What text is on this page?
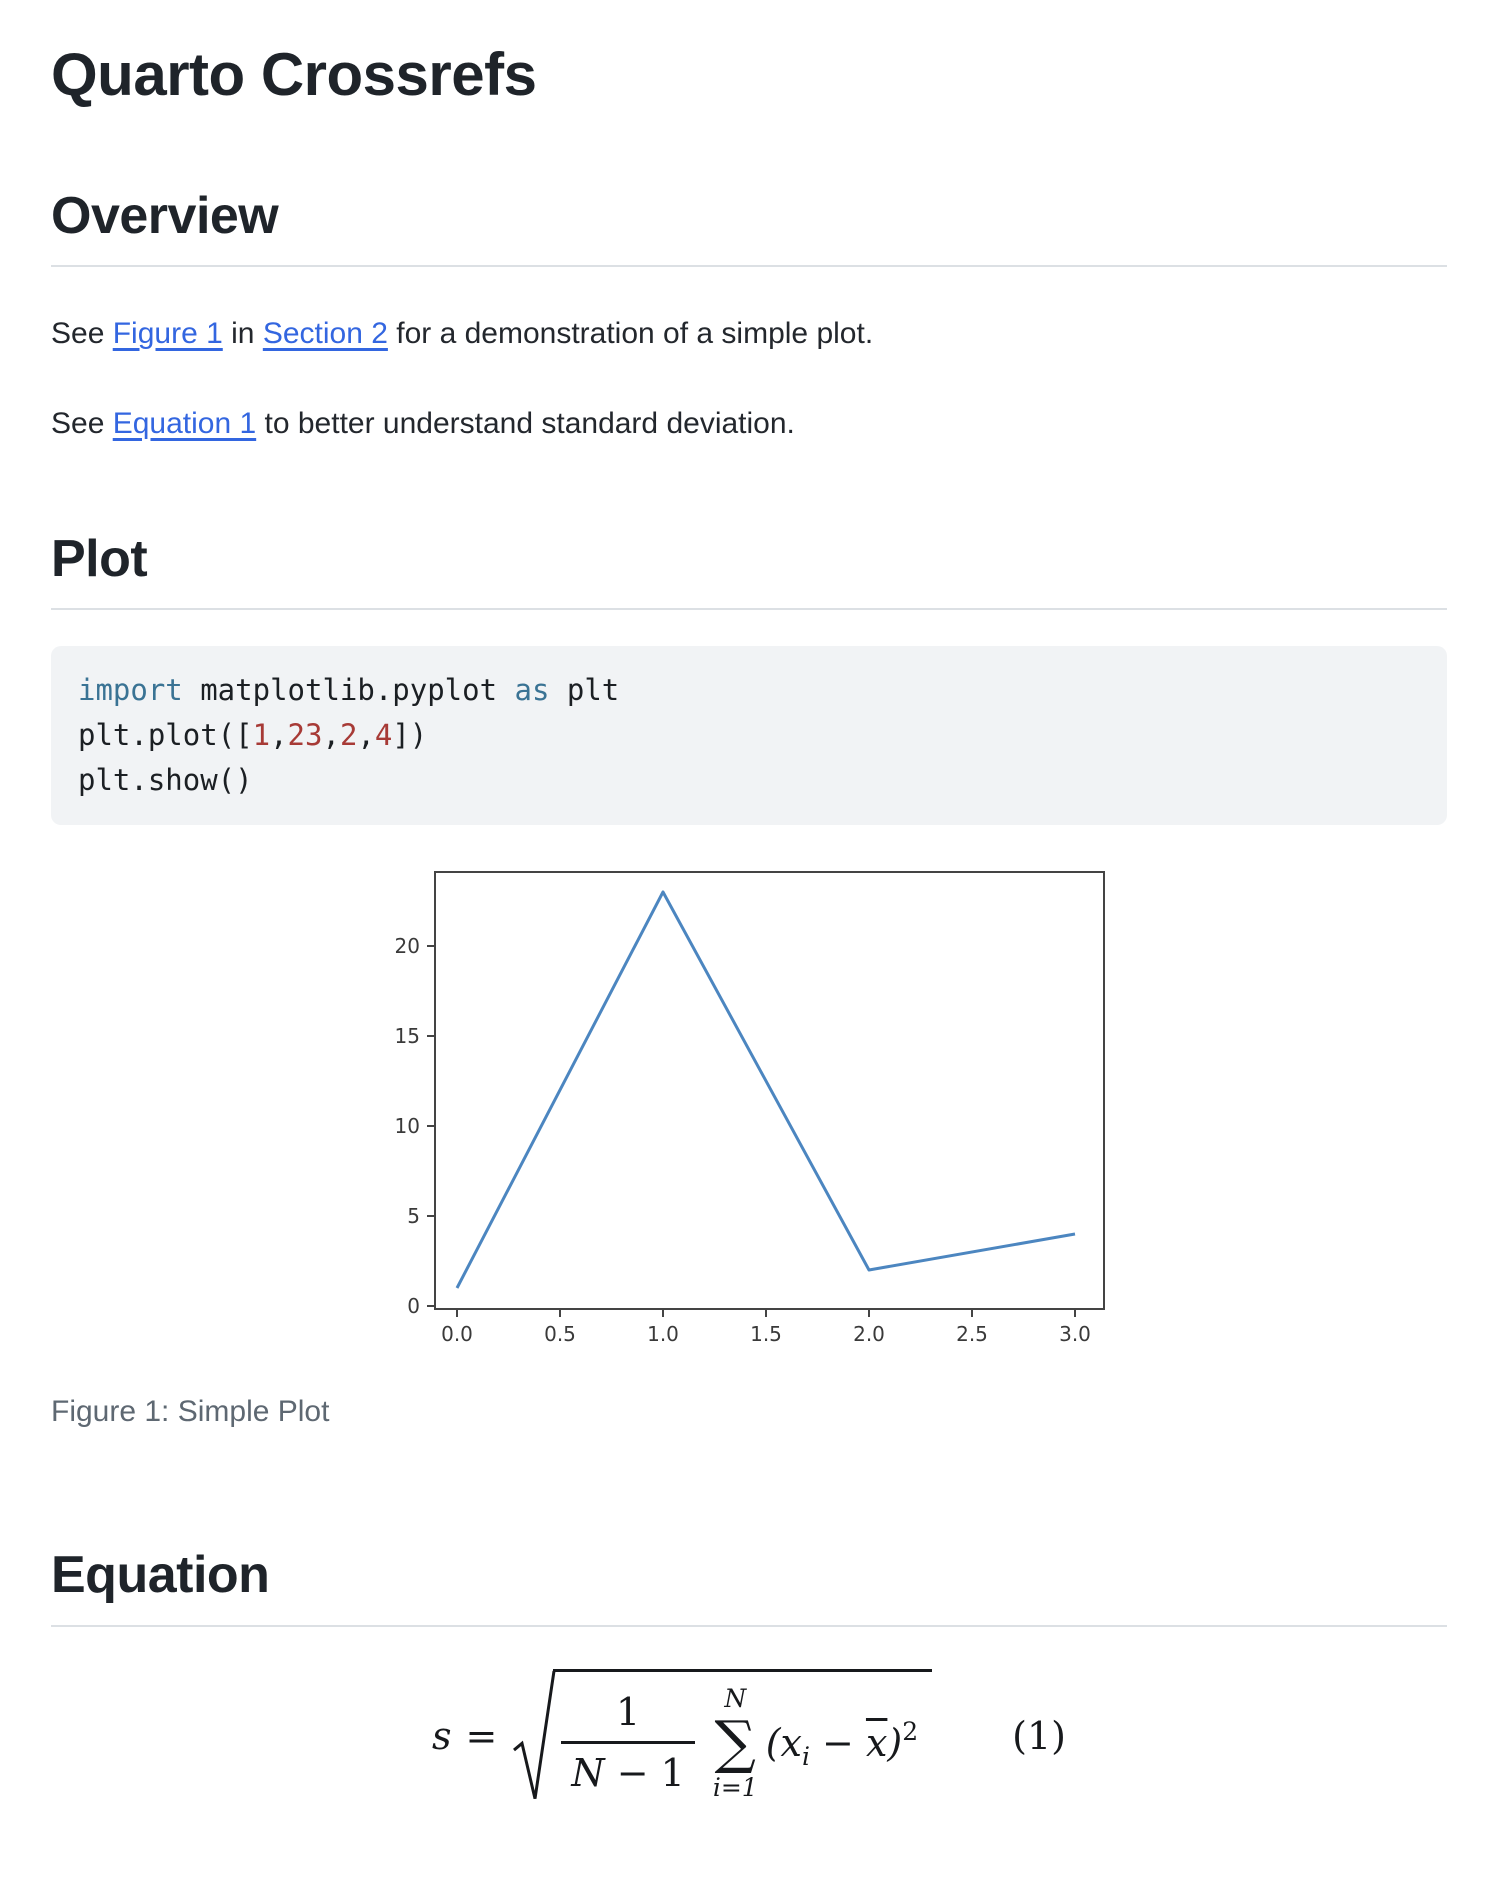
Quarto Crossrefs
Overview

See Figure 1 in Section 2 for a demonstration of a simple plot.

See Equation 1 to better understand standard deviation.

Plot
import matplotlib.pyplot as plt
plt.plot([1,23,2,4])
plt.show()
0.0	0.5	1.0	1.5	2.0	2.5	3.0
0
5
10
15
20
Figure 1: Simple Plot
Equation
$s = \frac{1}{N - 1}$ N
∑
i=1
$(x_i - \overline{x})^2$ (1)
